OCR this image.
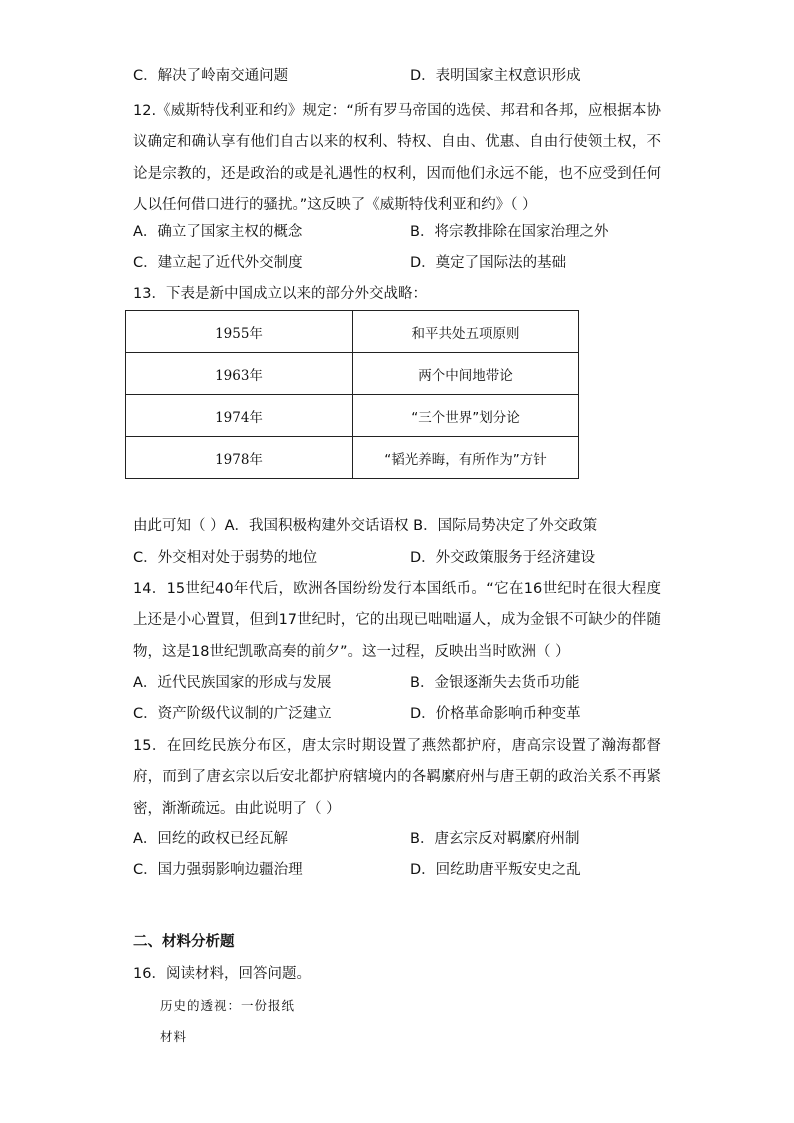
C．解决了岭南交通问题	D．表明国家主权意识形成
12.《威斯特伐利亚和约》规定：“所有罗马帝国的选侯、邦君和各邦，应根据本协议确定和确认享有他们自古以来的权利、特权、自由、优惠、自由行使领土权，不论是宗教的，还是政治的或是礼遇性的权利，因而他们永远不能，也不应受到任何人以任何借口进行的骚扰。”这反映了《威斯特伐利亚和约》（ ）
A．确立了国家主权的概念	B．将宗教排除在国家治理之外
C．建立起了近代外交制度	D．奠定了国际法的基础
13．下表是新中国成立以来的部分外交战略：
1955年	和平共处五项原则
1963年	两个中间地带论
1974年	“三个世界”划分论
1978年	“韬光养晦，有所作为”方针
由此可知（ ）A．我国积极构建外交话语权 B．国际局势决定了外交政策
C．外交相对处于弱势的地位	D．外交政策服务于经济建设
14．15世纪40年代后，欧洲各国纷纷发行本国纸币。“它在16世纪时在很大程度上还是小心置買，但到17世纪时，它的出现已咄咄逼人，成为金银不可缺少的伴随物，这是18世纪凯歌高奏的前夕”。这一过程，反映出当时欧洲（ ）
A．近代民族国家的形成与发展	B．金银逐渐失去货币功能
C．资产阶级代议制的广泛建立	D．价格革命影响币种变革
15．在回纥民族分布区，唐太宗时期设置了燕然都护府，唐高宗设置了瀚海都督府，而到了唐玄宗以后安北都护府辖境内的各羁縻府州与唐王朝的政治关系不再紧密，渐渐疏远。由此说明了（ ）
A．回纥的政权已经瓦解	B．唐玄宗反对羁縻府州制
C．国力强弱影响边疆治理	D．回纥助唐平叛安史之乱
二、材料分析题
16．阅读材料，回答问题。
历史的透视：一份报纸
材料
